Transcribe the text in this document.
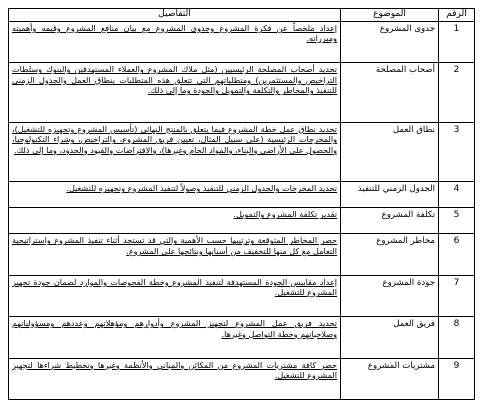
الرقم	الموضوع	التفاصيل
1	جدوى المشروع	إعداد ملخصاً عن فكرة المشروع وجدوى المشروع مع بيان منافع المشروع وقيمه وأهميته ومبرراته.

2	أصحاب المصلحة	تحديد أصحاب المصلحة الرئيسيين (مثل ملاك المشروع والعملاء المستهدفين والبنوك وسلطات التراخيص والمستثمرين) ومتطلباتهم التي تتعلق هذه المتطلبات بنطاق العمل والجدول الزمني للتنفيذ والمخاطر والتكلفة والتمويل والجودة وما إلى ذلك.

3	نطاق العمل	تحديد نطاق عمل خطة المشروع فيما يتعلق بالمنتج النهائي (تأسيس المشروع وتجهيزه للتشغيل)، والمخرجات الرئيسية (على سبيل المثال، تعيين فريق المشروع، والتراخيص، وشراء التكنولوجيا، والحصول على الأراضي والبناء، والمواد الخام وغيرها)، والافتراضات والقيود والحدود، وما إلى ذلك.

4	الجدول الزمني للتنفيذ	تحديد المخرجات والجدول الزمني للتنفيذ وصولاً لتنفيذ المشروع وتجهيزه للتشغيل.

5	تكلفة المشروع	تقدير تكلفة المشروع والتمويل.

6	مخاطر المشروع	حصر المخاطر المتوقعة وترتيبها حسب الأهمية والتي قد تستجد أثناء تنفيذ المشروع واستراتيجية التعامل مع كل منها للتخفيف من أسبابها ونتائجها على المشروع.

7	جودة المشروع	إعداد مقاييس الجودة المستهدفة لتنفيذ المشروع وخطة الفحوصات والموارد لضمان جودة تجهيز المشروع للتشغيل.

8	فريق العمل	تحديد فريق عمل المشروع لتجهيز المشروع وأدوارهم ومؤهلاتهم وعددهم ومسؤولياتهم وصلاحياتهم وخطة التواصل وغيرها.

9	مشتريات المشروع	حصر كافة مشتريات المشروع من المكائن والمباني والأنظمة وغيرها وتخطيط شراءها لتجهيز المشروع للتشغيل.
